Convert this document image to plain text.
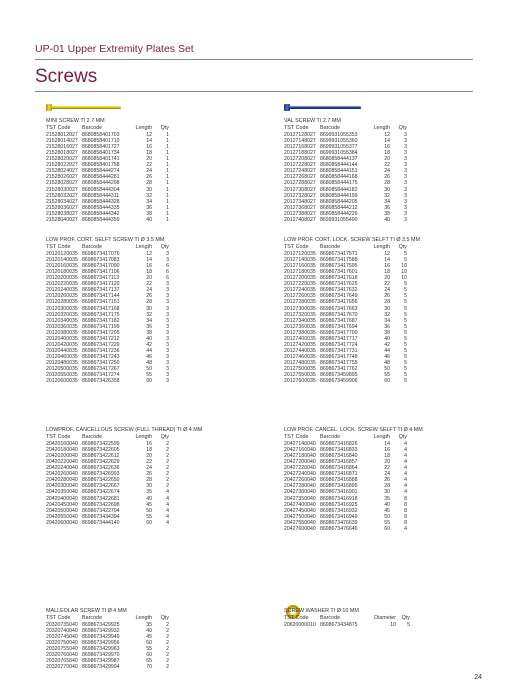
UP-01 Upper Extremity Plates Set
Screws
MINI SCREW TI 2.7 MM
TST Code	Barcode	Length	Qty
21528012027 8680858401703	12	1
21528014027 8680858401710	14	1
21528016027 8680858401727	16	1
21528018027 8680858401734	18	1
21528020027 8680858401741	20	1
21528022027 8680858401758	22	1
21528024027 8680858444274	24	1
21528026027 8680858444281	26	1
21528028027 8680858444298	28	1
21528030027 8680858444304	30	1
21528032027 8680858444311	32	1
21528034027 8680858444328	34	1
21528036027 8680858444335	36	1
21528038027 8680858444342	38	1
21528040027 8680858444359	40	1
VAL SCREW TI 2.7 MM
TST Code	Barcode	Length	Qty
20127128027 8699931055353	12	3
20127148027 8699931055360	14	3
20127168027 8699931055377	16	3
20127188027 8699931055384	18	3
20127208027 8680858444137	20	3
20127228027 8680858444144	22	3
20127248027 8680858444151	24	3
20127268027 8680858444168	26	3
20127288027 8680858444175	28	3
20127308027 8680858444182	30	3
20127328027 8680858444199	32	3
20127348027 8680858444205	34	3
20127368027 8680858444212	36	3
20127388027 8680858444229	38	3
20127408027 8699931055490	40	3
LOW PROF. CORT. SELFT SCREW TI Ø 3.5 MM
TST Code	Barcode	Length	Qty
20120120035 8698673417076	12	3
20120140035 8698673417083	14	3
20120160035 8698673417090	16	6
20120180035 8698673417106	18	6
20120200035 8698673417113	20	6
20120220035 8698673417120	22	3
20120240035 8698673417137	24	3
20120260035 8698673417144	26	3
20120280035 8698673417151	28	3
20120300035 8698673417168	30	3
20120320035 8698673417175	32	3
20120340035 8698673417182	34	3
20120360035 8698673417199	36	3
20120380035 8698673417205	38	3
20120400035 8698673417212	40	3
20120420035 8698673417229	42	3
20120440035 8698673417236	44	3
20120460035 8698673417243	46	3
20120480035 8698673417250	48	3
20120500035 8698673417267	50	3
20120550035 8698673417274	55	3
20120600035 8698673426358	60	3
LOW PROF. CORT. LOCK. SCREW SELFT TI Ø 3.5 MM
TST Code	Barcode	Length	Qty
20127120035 8698673417571	12	5
20127140035 8698673417588	14	5
20127160035 8698673417595	16	10
20127180035 8698673417601	18	10
20127200035 8698673417618	20	10
20127220035 8698673417625	22	5
20127240035 8698673417632	24	5
20127260035 8698673417649	26	5
20127280035 8698673417656	28	5
20127300035 8698673417663	30	5
20127320035 8698673417670	32	5
20127340035 8698673417687	34	5
20127360035 8698673417694	36	5
20127380035 8698673417700	38	5
20127400035 8698673417717	40	5
20127420035 8698673417724	42	5
20127440035 8698673417731	44	5
20127460035 8698673417748	46	5
20127480035 8698673417755	48	5
20127500035 8698673417762	50	5
20127550035 8698673459895	55	5
20127600035 8698673459906	60	5
LOWPROF. CANCELLOUS SCREW (FULL THREAD) TI Ø 4 MM
TST Code	Barcode	Length	Qty
20420160040 8698673422599	16	2
20420180040 8698673422605	18	2
20420200040 8698673422612	20	2
20420220040 8698673422629	22	2
20420240040 8698673422636	24	2
20420260040 8698673426993	26	2
20420280040 8698673422650	28	2
20420300040 8698673422667	30	2
20420350040 8698673422674	35	4
20420400040 8698673422681	40	4
20420450040 8698673422698	45	4
20420500040 8698673422704	50	4
20420550040 8698673434394	55	4
20420600040 8698673444140	60	4
LOW PROF. CANCEL. LOCK. SCREW SELFT TI Ø 4 MM
TST Code	Barcode	Length	Qty
20427140040 8698673416826	14	4
20427160040 8698673416833	16	4
20427180040 8698673416840	18	4
20427200040 8698673416857	20	4
20427220040 8698673416864	22	4
20427240040 8698673416871	24	4
20427260040 8698673416888	26	4
20427280040 8698673416895	28	4
20427300040 8698673416901	30	4
20427350040 8698673416918	35	8
20427400040 8698673416925	40	8
20427450040 8698673416932	45	8
20427500040 8698673416949	50	8
20427550040 8698673476639	55	8
20427600040 8698673476646	60	4
MALLEOLAR SCREW TI Ø 4 MM
TST Code	Barcode	Length	Qty
20320735040 8698673429925	35	2
20320740040 8698673429932	40	2
20320745040 8698673429949	45	2
20320750040 8698673429956	50	2
20320755040 8698673429963	55	2
20320760040 8698673429970	60	2
20320765040 8698673429987	65	2
20320770040 8698673429994	70	2
SCREW WASHER TI Ø 10 MM
TST Code	Barcode	Diameter	Qty
20620000010 8698673434875	10	5
24
